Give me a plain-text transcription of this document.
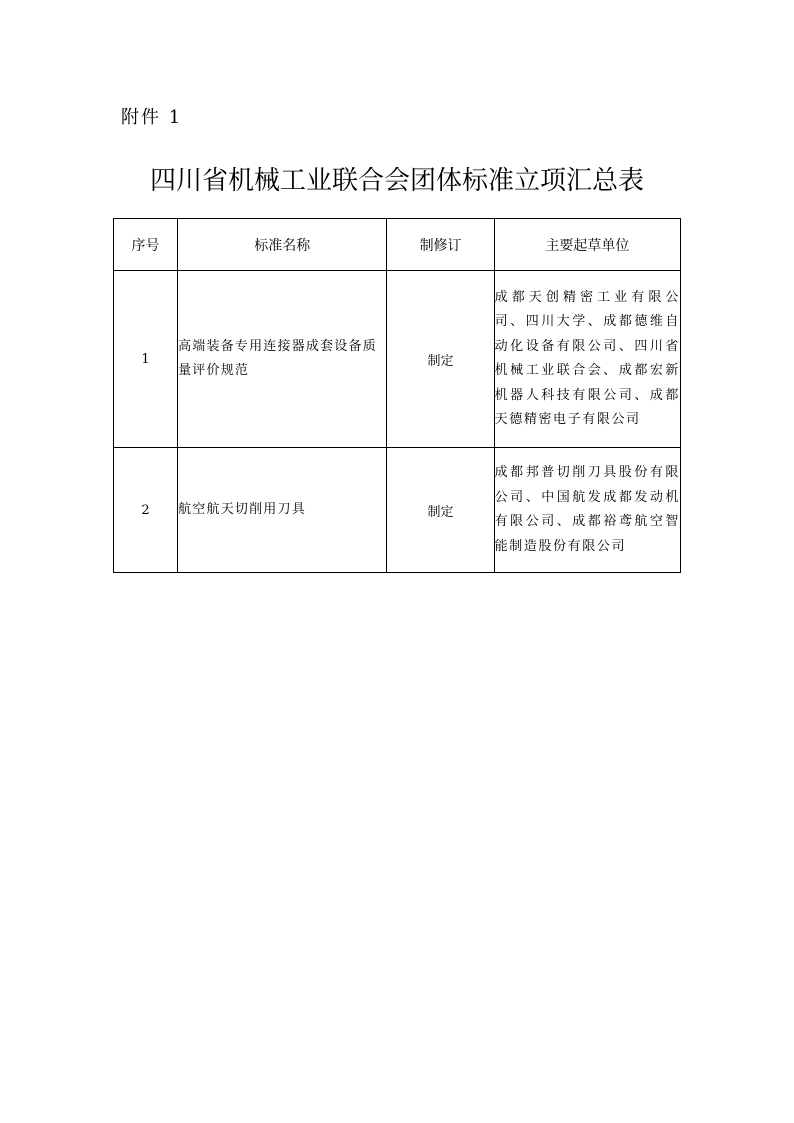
附件 1
四川省机械工业联合会团体标准立项汇总表
序号	标准名称	制修订	主要起草单位
1	高端装备专用连接器成套设备质量评价规范	制定	成都天创精密工业有限公司、四川大学、成都德维自动化设备有限公司、四川省机械工业联合会、成都宏新机器人科技有限公司、成都天德精密电子有限公司
2	航空航天切削用刀具	制定	成都邦普切削刀具股份有限公司、中国航发成都发动机有限公司、成都裕鸢航空智能制造股份有限公司
